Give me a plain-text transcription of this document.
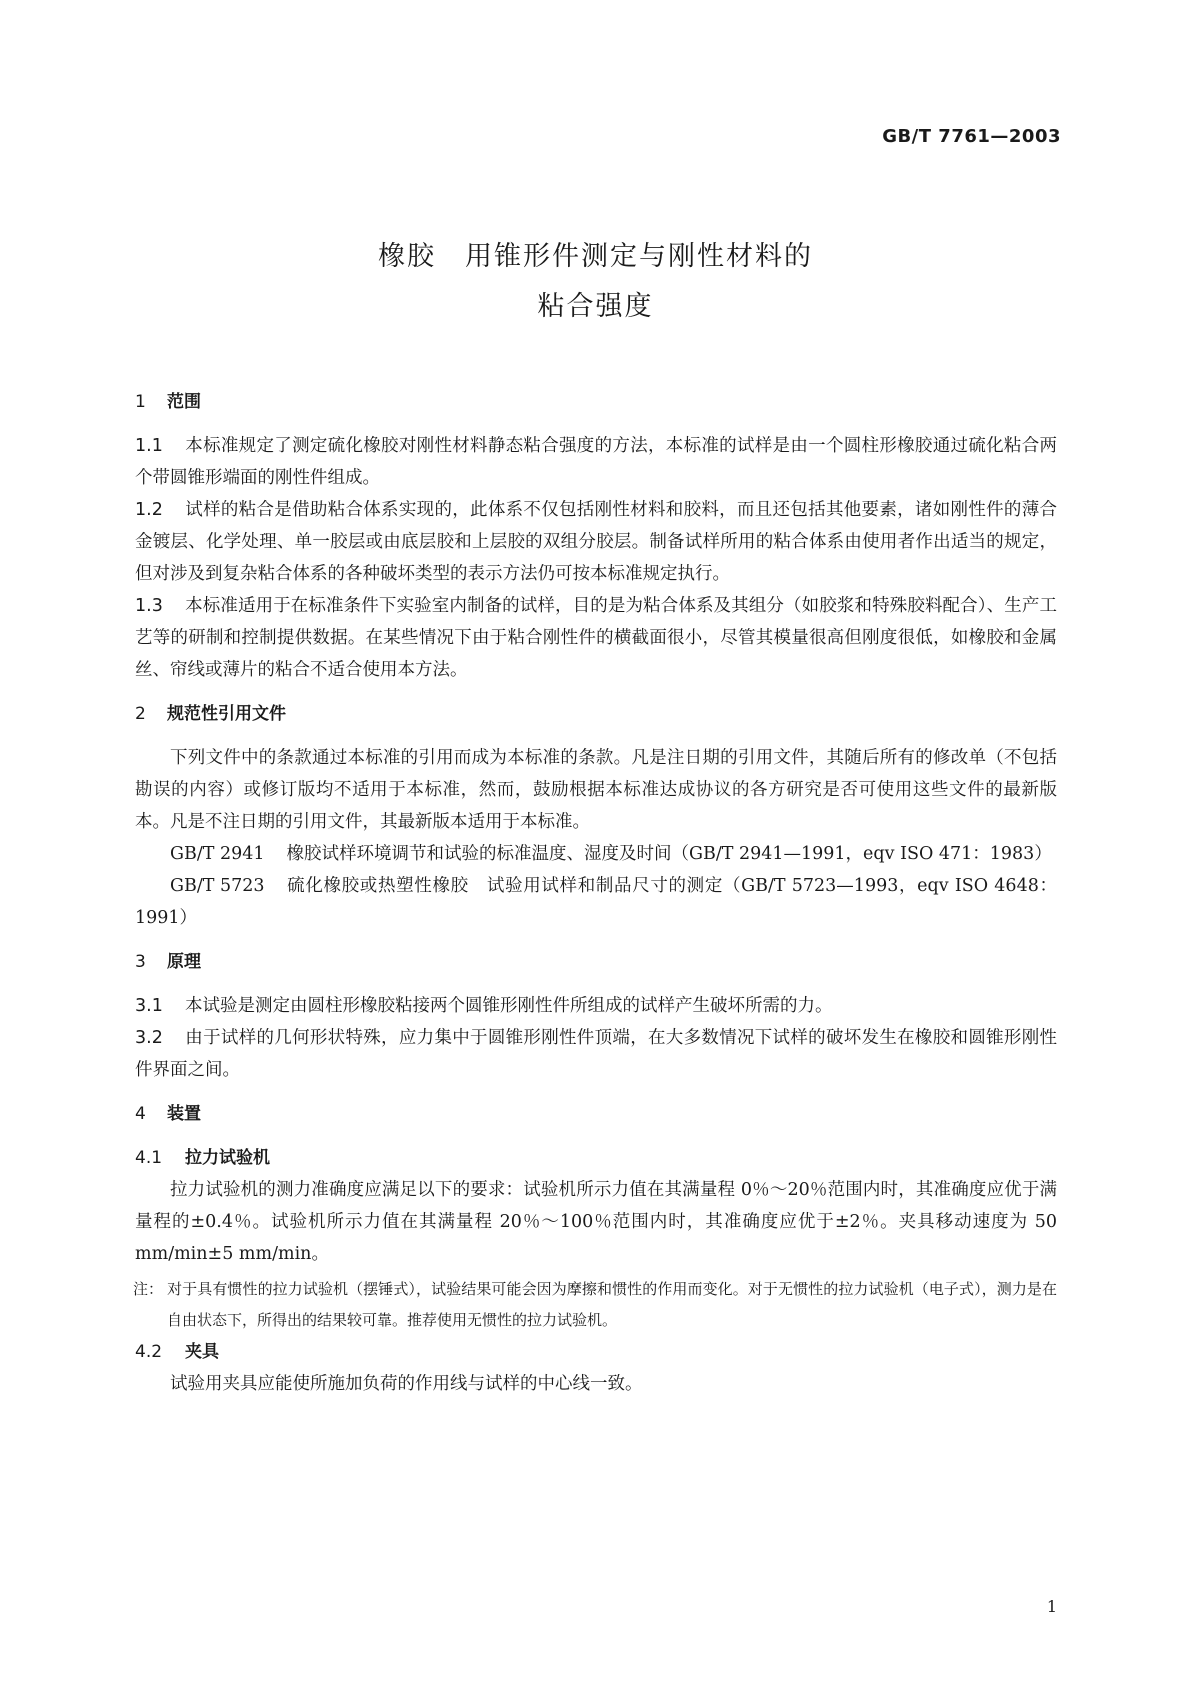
GB/T 7761—2003
橡胶　用锥形件测定与刚性材料的
粘合强度
1 范围

1.1 本标准规定了测定硫化橡胶对刚性材料静态粘合强度的方法，本标准的试样是由一个圆柱形橡胶通过硫化粘合两个带圆锥形端面的刚性件组成。

1.2 试样的粘合是借助粘合体系实现的，此体系不仅包括刚性材料和胶料，而且还包括其他要素，诸如刚性件的薄合金镀层、化学处理、单一胶层或由底层胶和上层胶的双组分胶层。制备试样所用的粘合体系由使用者作出适当的规定，但对涉及到复杂粘合体系的各种破坏类型的表示方法仍可按本标准规定执行。

1.3 本标准适用于在标准条件下实验室内制备的试样，目的是为粘合体系及其组分（如胶浆和特殊胶料配合）、生产工艺等的研制和控制提供数据。在某些情况下由于粘合刚性件的横截面很小，尽管其模量很高但刚度很低，如橡胶和金属丝、帘线或薄片的粘合不适合使用本方法。

2 规范性引用文件

下列文件中的条款通过本标准的引用而成为本标准的条款。凡是注日期的引用文件，其随后所有的修改单（不包括勘误的内容）或修订版均不适用于本标准，然而，鼓励根据本标准达成协议的各方研究是否可使用这些文件的最新版本。凡是不注日期的引用文件，其最新版本适用于本标准。

GB/T 2941 橡胶试样环境调节和试验的标准温度、湿度及时间（GB/T 2941—1991，eqv ISO 471：1983）

GB/T 5723 硫化橡胶或热塑性橡胶　试验用试样和制品尺寸的测定（GB/T 5723—1993，eqv ISO 4648：1991）

3 原理

3.1 本试验是测定由圆柱形橡胶粘接两个圆锥形刚性件所组成的试样产生破坏所需的力。

3.2 由于试样的几何形状特殊，应力集中于圆锥形刚性件顶端，在大多数情况下试样的破坏发生在橡胶和圆锥形刚性件界面之间。

4 装置
4.1 拉力试验机

拉力试验机的测力准确度应满足以下的要求：试验机所示力值在其满量程 0％～20％范围内时，其准确度应优于满量程的±0.4％。试验机所示力值在其满量程 20％～100％范围内时，其准确度应优于±2％。夹具移动速度为 50 mm/min±5 mm/min。

注： 对于具有惯性的拉力试验机（摆锤式），试验结果可能会因为摩擦和惯性的作用而变化。对于无惯性的拉力试验机（电子式），测力是在自由状态下，所得出的结果较可靠。推荐使用无惯性的拉力试验机。

4.2 夹具

试验用夹具应能使所施加负荷的作用线与试样的中心线一致。

1
